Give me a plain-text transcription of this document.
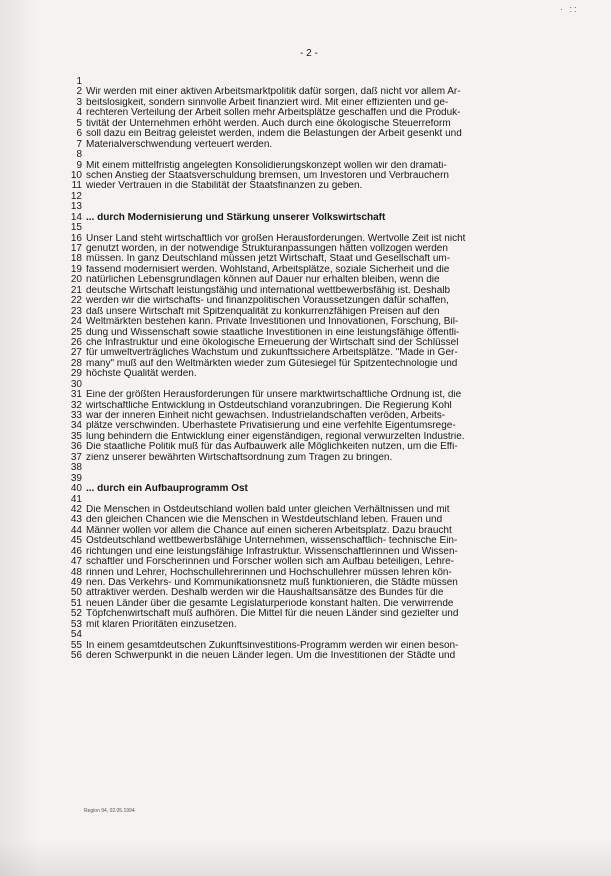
· ::
- 2 -
1
2 Wir werden mit einer aktiven Arbeitsmarktpolitik dafür sorgen, daß nicht vor allem Ar-
3 beitslosigkeit, sondern sinnvolle Arbeit finanziert wird. Mit einer effizienten und ge-
4 rechteren Verteilung der Arbeit sollen mehr Arbeitsplätze geschaffen und die Produk-
5 tivität der Unternehmen erhöht werden. Auch durch eine ökologische Steuerreform
6 soll dazu ein Beitrag geleistet werden, indem die Belastungen der Arbeit gesenkt und
7 Materialverschwendung verteuert werden.
8
9 Mit einem mittelfristig angelegten Konsolidierungskonzept wollen wir den dramati-
10 schen Anstieg der Staatsverschuldung bremsen, um Investoren und Verbrauchern
11 wieder Vertrauen in die Stabilität der Staatsfinanzen zu geben.
12
13
14 ... durch Modernisierung und Stärkung unserer Volkswirtschaft
15
16 Unser Land steht wirtschaftlich vor großen Herausforderungen. Wertvolle Zeit ist nicht
17 genutzt worden, in der notwendige Strukturanpassungen hätten vollzogen werden
18 müssen. In ganz Deutschland müssen jetzt Wirtschaft, Staat und Gesellschaft um-
19 fassend modernisiert werden. Wohlstand, Arbeitsplätze, soziale Sicherheit und die
20 natürlichen Lebensgrundlagen können auf Dauer nur erhalten bleiben, wenn die
21 deutsche Wirtschaft leistungsfähig und international wettbewerbsfähig ist. Deshalb
22 werden wir die wirtschafts- und finanzpolitischen Voraussetzungen dafür schaffen,
23 daß unsere Wirtschaft mit Spitzenqualität zu konkurrenzfähigen Preisen auf den
24 Weltmärkten bestehen kann. Private Investitionen und Innovationen, Forschung, Bil-
25 dung und Wissenschaft sowie staatliche Investitionen in eine leistungsfähige öffentli-
26 che Infrastruktur und eine ökologische Erneuerung der Wirtschaft sind der Schlüssel
27 für umweltverträgliches Wachstum und zukunftssichere Arbeitsplätze. "Made in Ger-
28 many" muß auf den Weltmärkten wieder zum Gütesiegel für Spitzentechnologie und
29 höchste Qualität werden.
30
31 Eine der größten Herausforderungen für unsere marktwirtschaftliche Ordnung ist, die
32 wirtschaftliche Entwicklung in Ostdeutschland voranzubringen. Die Regierung Kohl
33 war der inneren Einheit nicht gewachsen. Industrielandschaften veröden, Arbeits-
34 plätze verschwinden. Überhastete Privatisierung und eine verfehlte Eigentumsrege-
35 lung behindern die Entwicklung einer eigenständigen, regional verwurzelten Industrie.
36 Die staatliche Politik muß für das Aufbauwerk alle Möglichkeiten nutzen, um die Effi-
37 zienz unserer bewährten Wirtschaftsordnung zum Tragen zu bringen.
38
39
40 ... durch ein Aufbauprogramm Ost
41
42 Die Menschen in Ostdeutschland wollen bald unter gleichen Verhältnissen und mit
43 den gleichen Chancen wie die Menschen in Westdeutschland leben. Frauen und
44 Männer wollen vor allem die Chance auf einen sicheren Arbeitsplatz. Dazu braucht
45 Ostdeutschland wettbewerbsfähige Unternehmen, wissenschaftlich- technische Ein-
46 richtungen und eine leistungsfähige Infrastruktur. Wissenschaftlerinnen und Wissen-
47 schaftler und Forscherinnen und Forscher wollen sich am Aufbau beteiligen, Lehre-
48 rinnen und Lehrer, Hochschullehrerinnen und Hochschullehrer müssen lehren kön-
49 nen. Das Verkehrs- und Kommunikationsnetz muß funktionieren, die Städte müssen
50 attraktiver werden. Deshalb werden wir die Haushaltsansätze des Bundes für die
51 neuen Länder über die gesamte Legislaturperiode konstant halten. Die verwirrende
52 Töpfchenwirtschaft muß aufhören. Die Mittel für die neuen Länder sind gezielter und
53 mit klaren Prioritäten einzusetzen.
54
55 In einem gesamtdeutschen Zukunftsinvestitions-Programm werden wir einen beson-
56 deren Schwerpunkt in die neuen Länder legen. Um die Investitionen der Städte und
Region 94, 02.05.1994
